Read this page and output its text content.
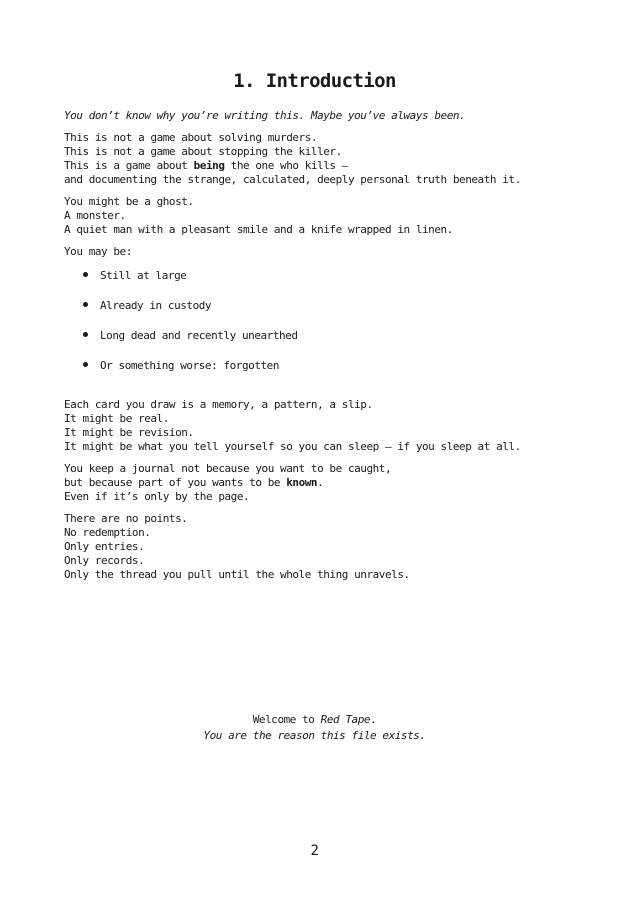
1. Introduction

You don’t know why you’re writing this. Maybe you’ve always been.

This is not a game about solving murders.
This is not a game about stopping the killer.
This is a game about being the one who kills —
and documenting the strange, calculated, deeply personal truth beneath it.

You might be a ghost.
A monster.
A quiet man with a pleasant smile and a knife wrapped in linen.

You may be:

Still at large
Already in custody
Long dead and recently unearthed
Or something worse: forgotten

Each card you draw is a memory, a pattern, a slip.
It might be real.
It might be revision.
It might be what you tell yourself so you can sleep — if you sleep at all.

You keep a journal not because you want to be caught,
but because part of you wants to be known.
Even if it’s only by the page.

There are no points.
No redemption.
Only entries.
Only records.
Only the thread you pull until the whole thing unravels.

Welcome to Red Tape.
You are the reason this file exists.
2
